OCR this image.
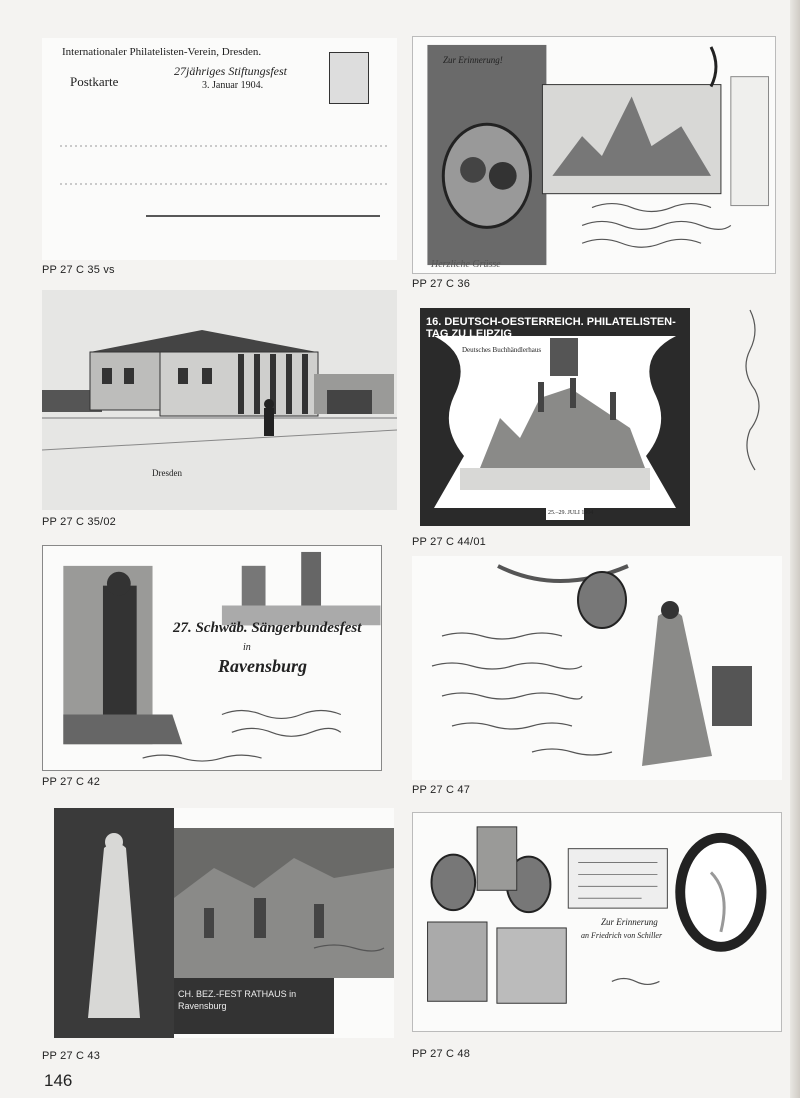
Internationaler Philatelisten-Verein, Dresden.
Postkarte
27jähriges Stiftungsfest
3. Januar 1904.
PP 27 C 35 vs
Zur Erinnerung!
Herzliche Grüsse
PP 27 C 36
Dresden
PP 27 C 35/02
16. DEUTSCH-OESTERREICH. PHILATELISTEN-TAG ZU LEIPZIG
Deutsches Buchhändlerhaus
25.–29. JULI 1904
PP 27 C 44/01
27. Schwäb. Sängerbundesfest
in
Ravensburg
PP 27 C 42
PP 27 C 47
CH. BEZ.-FEST RATHAUS in Ravensburg
PP 27 C 43
Zur Erinnerung
an Friedrich von Schiller
PP 27 C 48
146
